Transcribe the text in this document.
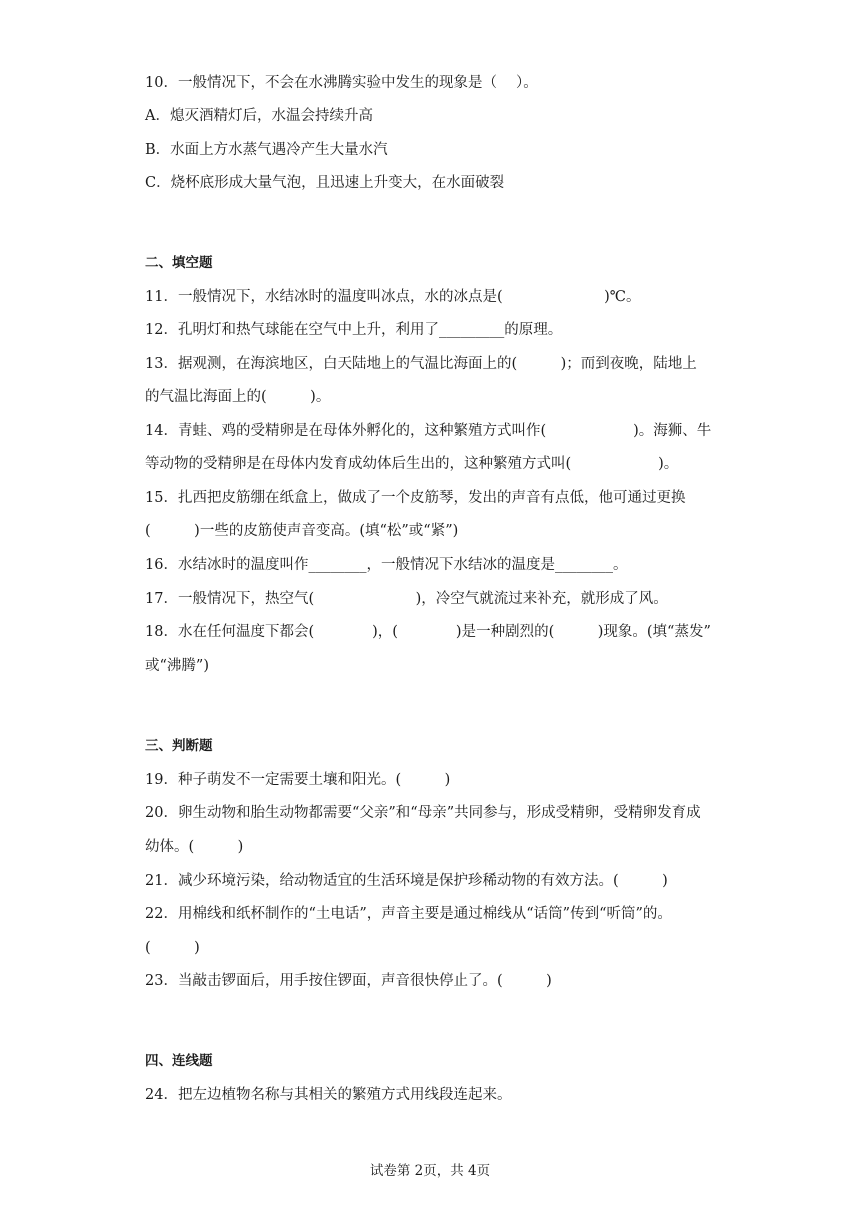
10．一般情况下，不会在水沸腾实验中发生的现象是（　 ）。

A．熄灭酒精灯后，水温会持续升高

B．水面上方水蒸气遇冷产生大量水汽

C．烧杯底形成大量气泡，且迅速上升变大，在水面破裂

二、填空题

11．一般情况下，水结冰时的温度叫冰点，水的冰点是(　　　　　　　)℃。

12．孔明灯和热气球能在空气中上升，利用了_________的原理。

13．据观测，在海滨地区，白天陆地上的气温比海面上的(　　　)；而到夜晚，陆地上

的气温比海面上的(　　　)。

14．青蛙、鸡的受精卵是在母体外孵化的，这种繁殖方式叫作(　　　　　　)。海狮、牛

等动物的受精卵是在母体内发育成幼体后生出的，这种繁殖方式叫(　　　　　　)。

15．扎西把皮筋绷在纸盒上，做成了一个皮筋琴，发出的声音有点低，他可通过更换

(　　　)一些的皮筋使声音变高。(填“松”或“紧”)

16．水结冰时的温度叫作________，一般情况下水结冰的温度是________。

17．一般情况下，热空气(　　　　　　　)，冷空气就流过来补充，就形成了风。

18．水在任何温度下都会(　　　　)，(　　　　)是一种剧烈的(　　　)现象。(填“蒸发”

或“沸腾”)

三、判断题

19．种子萌发不一定需要土壤和阳光。(　　　)

20．卵生动物和胎生动物都需要“父亲”和“母亲”共同参与，形成受精卵，受精卵发育成

幼体。(　　　)

21．减少环境污染，给动物适宜的生活环境是保护珍稀动物的有效方法。(　　　)

22．用棉线和纸杯制作的“土电话”，声音主要是通过棉线从“话筒”传到“听筒”的。

(　　　)

23．当敲击锣面后，用手按住锣面，声音很快停止了。(　　　)

四、连线题

24．把左边植物名称与其相关的繁殖方式用线段连起来。

试卷第 2页，共 4页
